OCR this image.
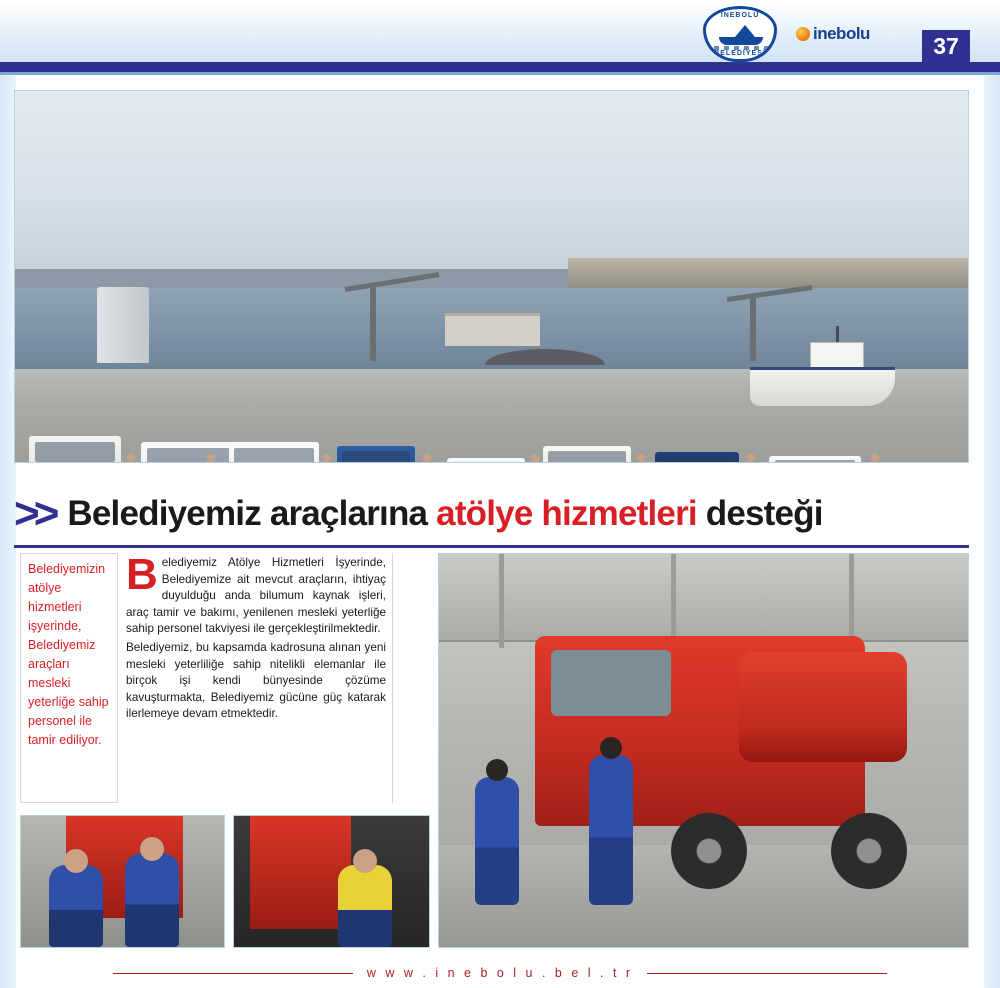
İNEBOLU
BELEDİYESİ
inebolu	37
>> Belediyemiz araçlarına atölye hizmetleri desteği
Belediyemizin atölye hizmetleri işyerinde, Belediyemiz araçları mesleki yeterliğe sahip personel ile tamir ediliyor.

Belediyemiz Atölye Hizmetleri İşyerinde, Belediyemize ait mevcut araçların, ihtiyaç duyulduğu anda bilumum kaynak işleri, araç tamir ve bakımı, yenilenen mesleki yeterliğe sahip personel takviyesi ile gerçekleştirilmektedir.

Belediyemiz, bu kapsamda kadrosuna alınan yeni mesleki yeterliliğe sahip nitelikli elemanlar ile birçok işi kendi bünyesinde çözüme kavuşturmakta, Belediyemiz gücüne güç katarak ilerlemeye devam etmektedir.

w w w . i n e b o l u . b e l . t r
